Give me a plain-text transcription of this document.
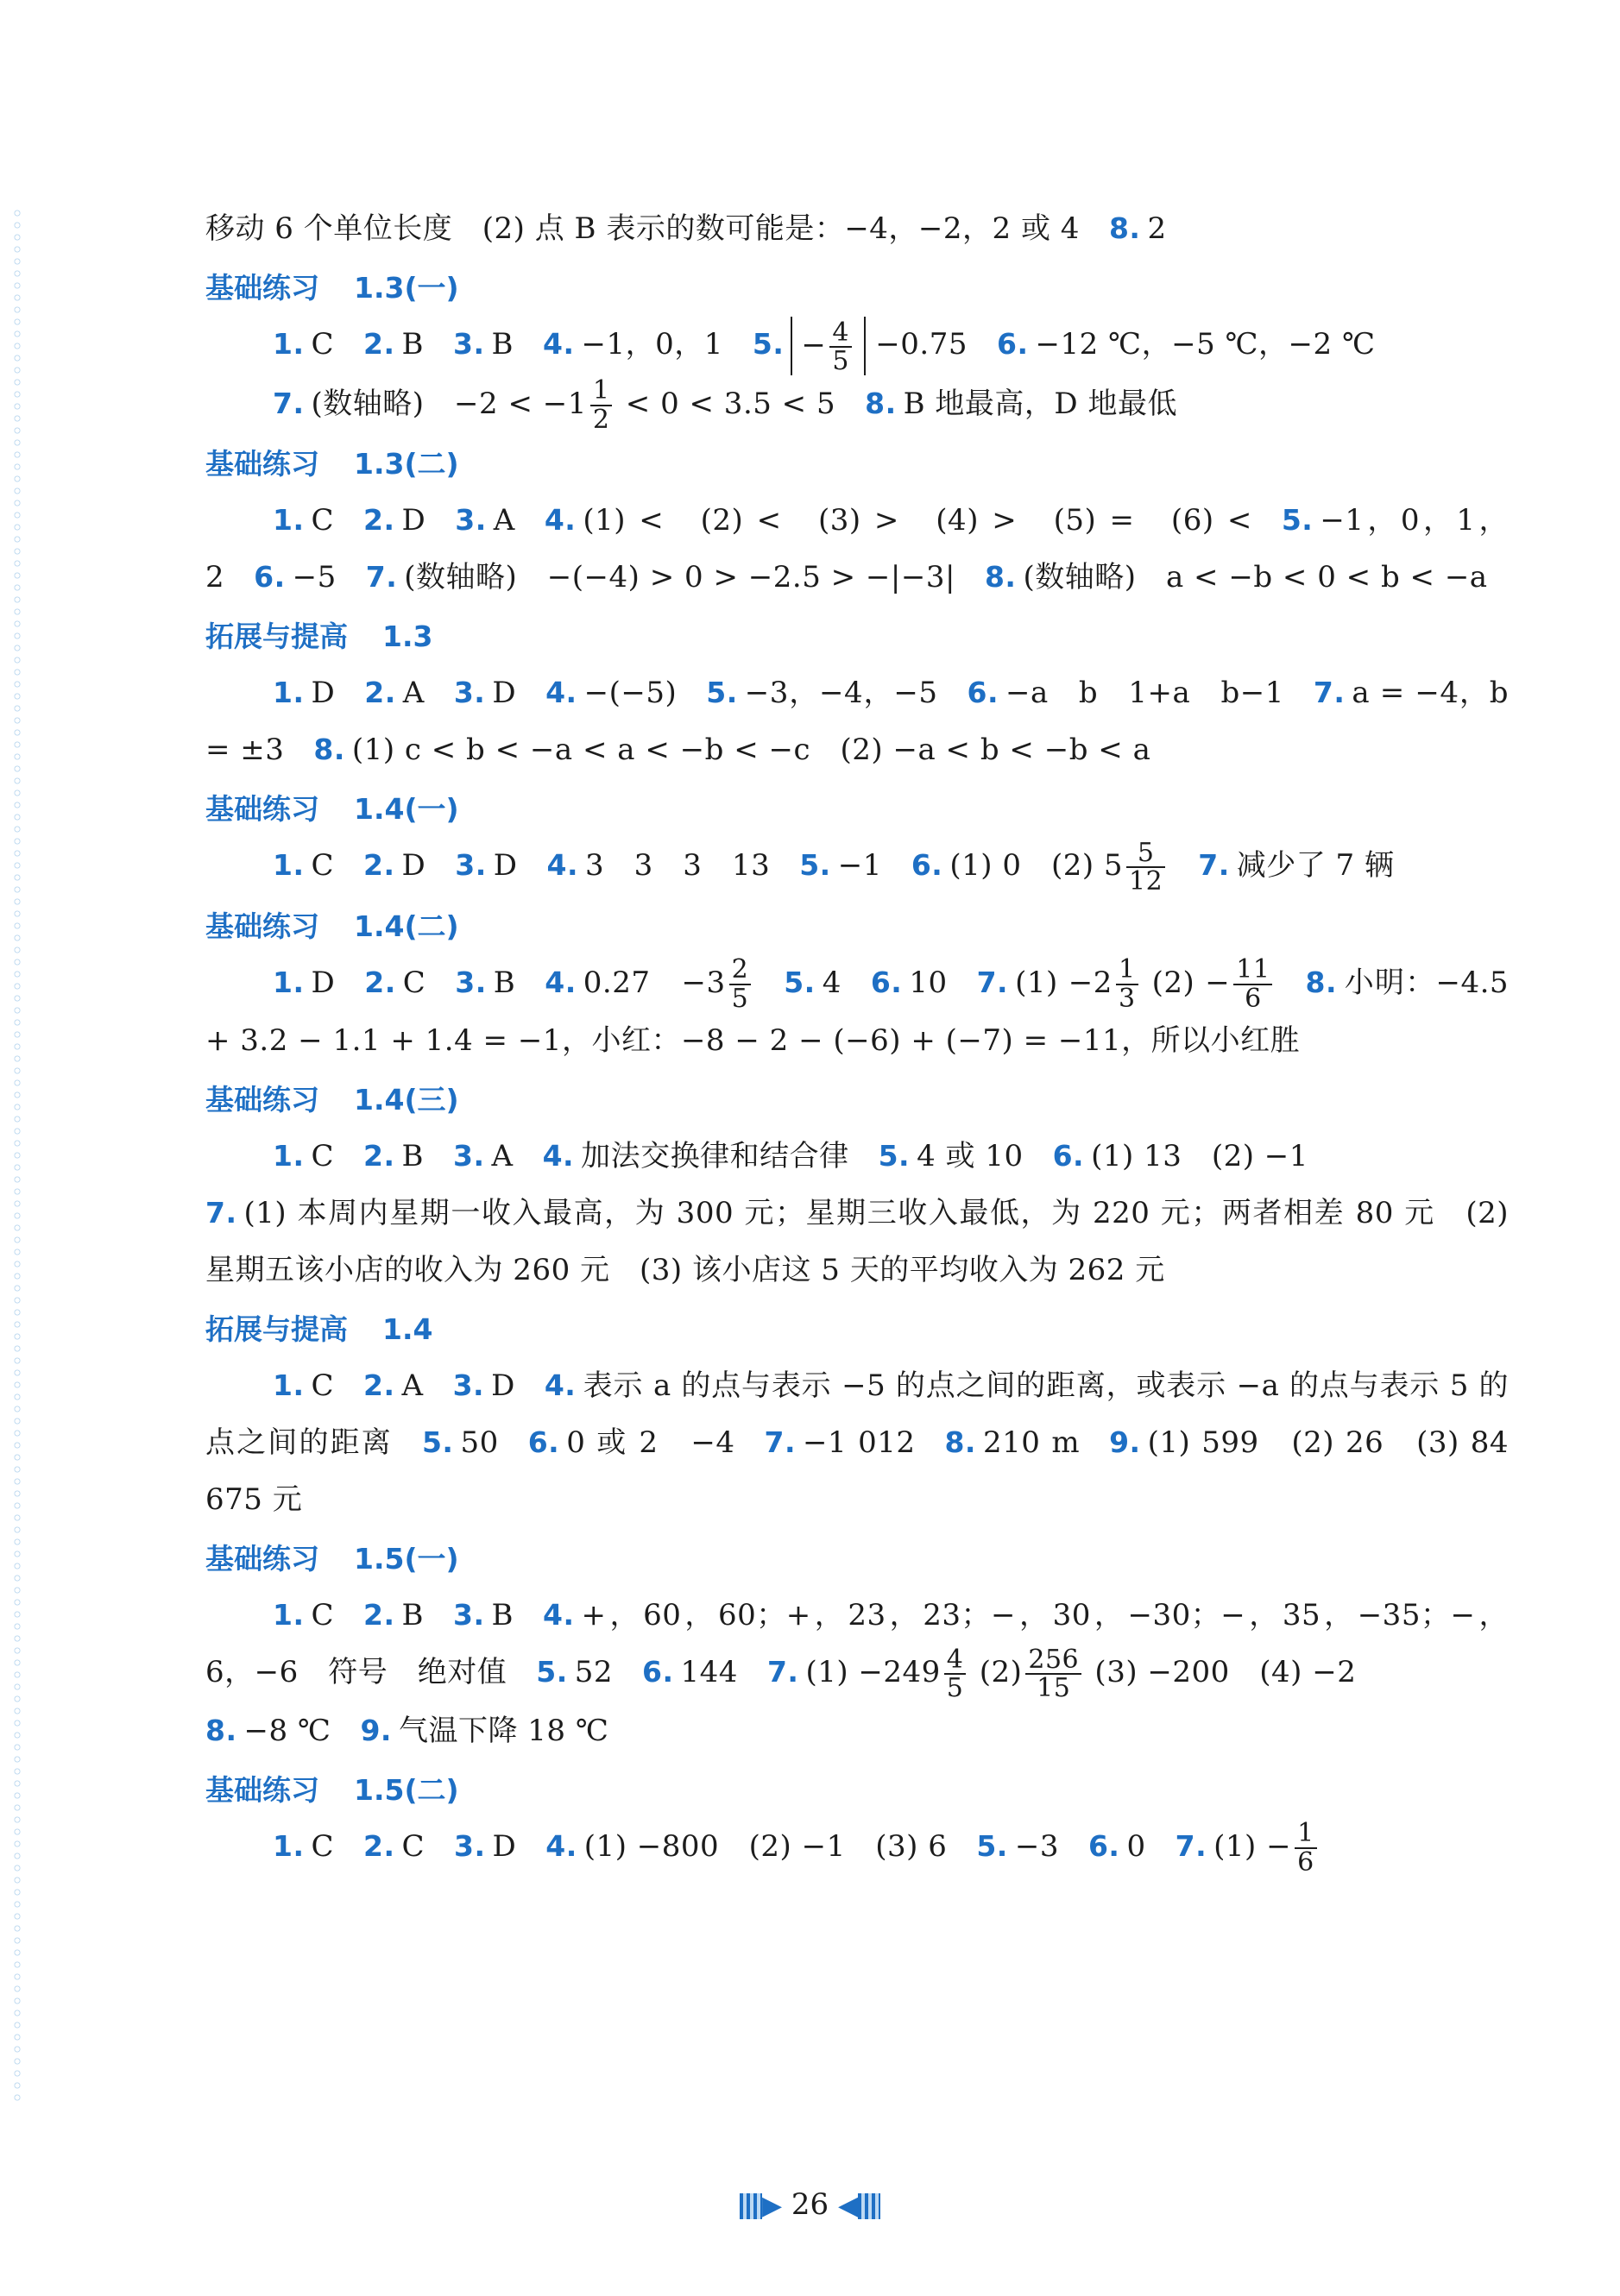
移动 6 个单位长度　(2) 点 B 表示的数可能是：−4，−2，2 或 4 8. 2
基础练习 1.3(一)
1. C 2. B 3. B 4. −1，0，1 5. − $\frac{4}{5} -0.75$ 6. −12 ℃，−5 ℃，−2 ℃
7. (数轴略)　$-2 < -1 \frac{1}{2} < 0 < 3.5 < 5$ 8. B 地最高，D 地最低
基础练习 1.3(二)
1. C 2. D 3. A 4. (1) <　(2) <　(3) >　(4) >　(5) =　(6) < 5. −1，0，1，2 6. −5 7. (数轴略)　−(−4) > 0 > −2.5 > −|−3| 8. (数轴略)　a < −b < 0 < b < −a
拓展与提高 1.3
1. D 2. A 3. D 4. −(−5) 5. −3，−4，−5 6. −a　b　1+a　b−1 7. a = −4，b = ±3 8. (1) c < b < −a < a < −b < −c　(2) −a < b < −b < a
基础练习 1.4(一)
1. C 2. D 3. D 4. 3　3　3　13 5. −1 6. (1) 0　(2) $5 \frac{5}{12} 7$. 减少了 7 辆
基础练习 1.4(二)
1. D 2. C 3. B 4. 0.27　$-3 \frac{2}{5} 5$. 4 6. 10 7. $(1) -2 \frac{1}{3} (2) - \frac{11}{6} 8$. 小明：−4.5 + 3.2 − 1.1 + 1.4 = −1，小红：−8 − 2 − (−6) + (−7) = −11，所以小红胜
基础练习 1.4(三)
1. C 2. B 3. A 4. 加法交换律和结合律 5. 4 或 10 6. (1) 13　(2) −1
7. (1) 本周内星期一收入最高，为 300 元；星期三收入最低，为 220 元；两者相差 80 元　(2) 星期五该小店的收入为 260 元　(3) 该小店这 5 天的平均收入为 262 元
拓展与提高 1.4
1. C 2. A 3. D 4. 表示 a 的点与表示 −5 的点之间的距离，或表示 −a 的点与表示 5 的点之间的距离 5. 50 6. 0 或 2　−4 7. −1 012 8. 210 m 9. (1) 599　(2) 26　(3) 84 675 元
基础练习 1.5(一)
1. C 2. B 3. B 4. +，60，60；+，23，23；−，30，−30；−，35，−35；−，6，−6　符号　绝对值 5. 52 6. 144 7. $(1) -249 \frac{4}{5} (2) \frac{256}{15} (3) -200$　(4) −2
8. −8 ℃ 9. 气温下降 18 ℃
基础练习 1.5(二)
1. C 2. C 3. D 4. (1) −800　(2) −1　(3) 6 5. −3 6. 0 7. $(1) - \frac{1}{6}$
▶ 26 ◀
